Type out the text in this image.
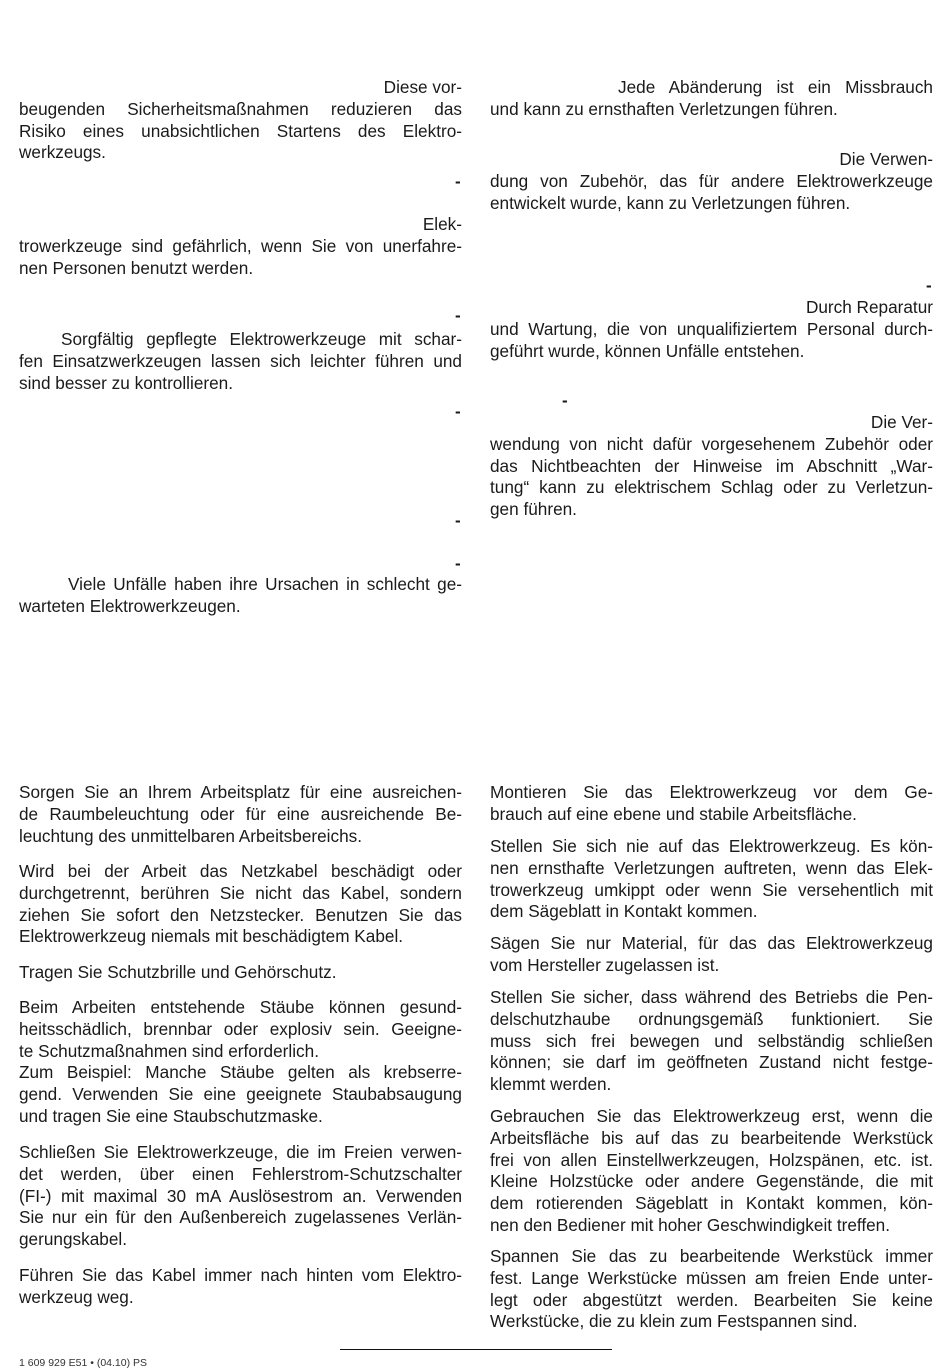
Diese vor-
beugenden Sicherheitsmaßnahmen reduzieren das
Risiko eines unabsichtlichen Startens des Elektro-
werkzeugs.
-
Elek-
trowerkzeuge sind gefährlich, wenn Sie von unerfahre-
nen Personen benutzt werden.
-
Sorgfältig gepflegte Elektrowerkzeuge mit schar-
fen Einsatzwerkzeugen lassen sich leichter führen und
sind besser zu kontrollieren.
-
-
-
Viele Unfälle haben ihre Ursachen in schlecht ge-
warteten Elektrowerkzeugen.
Jede Abänderung ist ein Missbrauch
und kann zu ernsthaften Verletzungen führen.
Die Verwen-
dung von Zubehör, das für andere Elektrowerkzeuge
entwickelt wurde, kann zu Verletzungen führen.
-
Durch Reparatur
und Wartung, die von unqualifiziertem Personal durch-
geführt wurde, können Unfälle entstehen.
-
Die Ver-
wendung von nicht dafür vorgesehenem Zubehör oder
das Nichtbeachten der Hinweise im Abschnitt „War-
tung“ kann zu elektrischem Schlag oder zu Verletzun-
gen führen.
Sorgen Sie an Ihrem Arbeitsplatz für eine ausreichen-
de Raumbeleuchtung oder für eine ausreichende Be-
leuchtung des unmittelbaren Arbeitsbereichs.
Wird bei der Arbeit das Netzkabel beschädigt oder
durchgetrennt, berühren Sie nicht das Kabel, sondern
ziehen Sie sofort den Netzstecker. Benutzen Sie das
Elektrowerkzeug niemals mit beschädigtem Kabel.
Tragen Sie Schutzbrille und Gehörschutz.
Beim Arbeiten entstehende Stäube können gesund-
heitsschädlich, brennbar oder explosiv sein. Geeigne-
te Schutzmaßnahmen sind erforderlich.
Zum Beispiel: Manche Stäube gelten als krebserre-
gend. Verwenden Sie eine geeignete Staubabsaugung
und tragen Sie eine Staubschutzmaske.
Schließen Sie Elektrowerkzeuge, die im Freien verwen-
det werden, über einen Fehlerstrom-Schutzschalter
(FI-) mit maximal 30 mA Auslösestrom an. Verwenden
Sie nur ein für den Außenbereich zugelassenes Verlän-
gerungskabel.
Führen Sie das Kabel immer nach hinten vom Elektro-
werkzeug weg.
Montieren Sie das Elektrowerkzeug vor dem Ge-
brauch auf eine ebene und stabile Arbeitsfläche.
Stellen Sie sich nie auf das Elektrowerkzeug. Es kön-
nen ernsthafte Verletzungen auftreten, wenn das Elek-
trowerkzeug umkippt oder wenn Sie versehentlich mit
dem Sägeblatt in Kontakt kommen.
Sägen Sie nur Material, für das das Elektrowerkzeug
vom Hersteller zugelassen ist.
Stellen Sie sicher, dass während des Betriebs die Pen-
delschutzhaube ordnungsgemäß funktioniert. Sie
muss sich frei bewegen und selbständig schließen
können; sie darf im geöffneten Zustand nicht festge-
klemmt werden.
Gebrauchen Sie das Elektrowerkzeug erst, wenn die
Arbeitsfläche bis auf das zu bearbeitende Werkstück
frei von allen Einstellwerkzeugen, Holzspänen, etc. ist.
Kleine Holzstücke oder andere Gegenstände, die mit
dem rotierenden Sägeblatt in Kontakt kommen, kön-
nen den Bediener mit hoher Geschwindigkeit treffen.
Spannen Sie das zu bearbeitende Werkstück immer
fest. Lange Werkstücke müssen am freien Ende unter-
legt oder abgestützt werden. Bearbeiten Sie keine
Werkstücke, die zu klein zum Festspannen sind.
1 609 929 E51 • (04.10) PS
